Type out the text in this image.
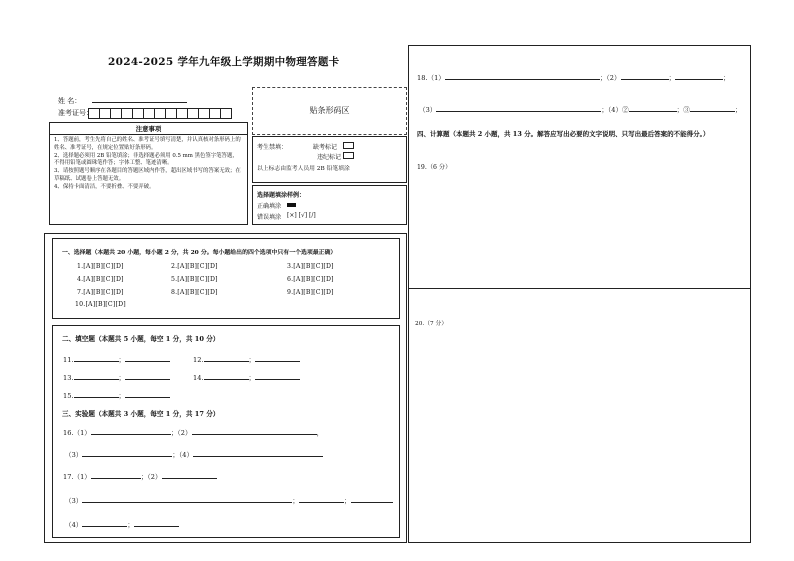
2024-2025 学年九年级上学期期中物理答题卡
姓 名：
准考证号：	贴条形码区
注意事项
1、答题前，考生先将自己的姓名、准考证号填写清楚，并认真核对条形码上的姓名、准考证号，在规定位置贴好条形码。
2、选择题必须用 2B 铅笔填涂；非选择题必须用 0.5 mm 黑色签字笔答题，不得用铅笔或圆珠笔作答；字体工整、笔迹清晰。
3、请按照题号顺序在各题目的答题区域内作答，超出区域书写的答案无效；在草稿纸、试题卷上答题无效。
4、保持卡面清洁，不要折叠、不要弄破。
考生禁填：	缺考标记
违纪标记
以上标志由监考人员用 2B 铅笔填涂
选择题填涂样例：
正确填涂
错误填涂 [×] [√] [/]
一、选择题（本题共 20 小题，每小题 2 分，共 20 分。每小题给出的四个选项中只有一个选项最正确）
1.[A][B][C][D]	2.[A][B][C][D]	3.[A][B][C][D]
4.[A][B][C][D]	5.[A][B][C][D]	6.[A][B][C][D]
7.[A][B][C][D]	8.[A][B][C][D]	9.[A][B][C][D]
10.[A][B][C][D]
二、填空题（本题共 5 小题，每空 1 分，共 10 分）
11.	；	12.	；
13.	；	14.	；
15.	；
三、实验题（本题共 3 小题，每空 1 分，共 17 分）
16.（1）	；（2）	，
（3）	；（4）
17.（1）	；（2）
（3）	；	；
（4）	；
18.（1）	；（2）	；	；
（3）	；（4）②	；③	；
四、计算题（本题共 2 小题，共 13 分。解答应写出必要的文字说明、只写出最后答案的不能得分。）
19.（6 分）
20.（7 分）
